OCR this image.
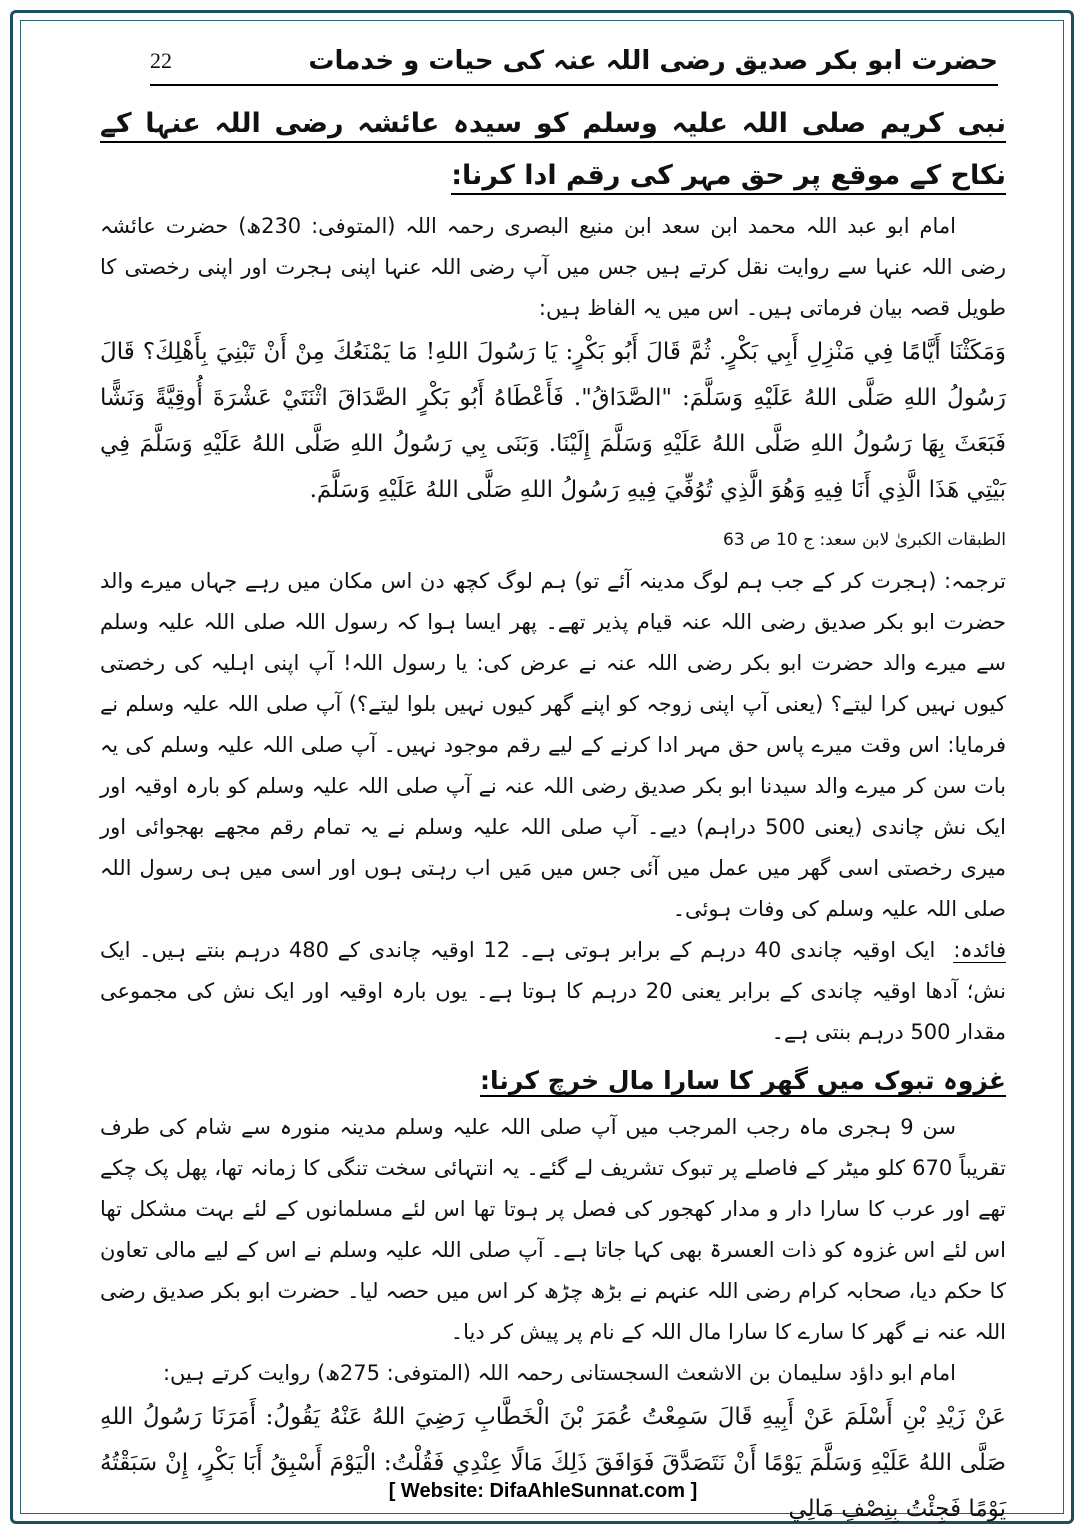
حضرت ابو بکر صدیق رضی اللہ عنہ کی حیات و خدمات
22
نبی کریم صلی اللہ علیہ وسلم کو سیدہ عائشہ رضی اللہ عنہا کے نکاح کے موقع پر حق مہر کی رقم ادا کرنا:

امام ابو عبد اللہ محمد ابن سعد ابن منیع البصری رحمہ اللہ (المتوفی: 230ھ) حضرت عائشہ رضی اللہ عنہا سے روایت نقل کرتے ہیں جس میں آپ رضی اللہ عنہا اپنی ہجرت اور اپنی رخصتی کا طویل قصہ بیان فرماتی ہیں۔ اس میں یہ الفاظ ہیں:

وَمَكَثْنَا أَيَّامًا فِي مَنْزِلِ أَبِي بَكْرٍ. ثُمَّ قَالَ أَبُو بَكْرٍ: يَا رَسُولَ اللهِ! مَا يَمْنَعُكَ مِنْ أَنْ تَبْنِيَ بِأَهْلِكَ؟ قَالَ رَسُولُ اللهِ صَلَّى اللهُ عَلَيْهِ وَسَلَّمَ: "الصَّدَاقُ". فَأَعْطَاهُ أَبُو بَكْرٍ الصَّدَاقَ اثْنَتَيْ عَشْرَةَ أُوقِيَّةً وَنَشًّا فَبَعَثَ بِهَا رَسُولُ اللهِ صَلَّى اللهُ عَلَيْهِ وَسَلَّمَ إِلَيْنَا. وَبَنَى بِي رَسُولُ اللهِ صَلَّى اللهُ عَلَيْهِ وَسَلَّمَ فِي بَيْتِي هَذَا الَّذِي أَنَا فِيهِ وَهُوَ الَّذِي تُوُفِّيَ فِيهِ رَسُولُ اللهِ صَلَّى اللهُ عَلَيْهِ وَسَلَّمَ.

الطبقات الکبریٰ لابن سعد: ج 10 ص 63

ترجمہ: (ہجرت کر کے جب ہم لوگ مدینہ آئے تو) ہم لوگ کچھ دن اس مکان میں رہے جہاں میرے والد حضرت ابو بکر صدیق رضی اللہ عنہ قیام پذیر تھے۔ پھر ایسا ہوا کہ رسول اللہ صلی اللہ علیہ وسلم سے میرے والد حضرت ابو بکر رضی اللہ عنہ نے عرض کی: یا رسول اللہ! آپ اپنی اہلیہ کی رخصتی کیوں نہیں کرا لیتے؟ (یعنی آپ اپنی زوجہ کو اپنے گھر کیوں نہیں بلوا لیتے؟) آپ صلی اللہ علیہ وسلم نے فرمایا: اس وقت میرے پاس حق مہر ادا کرنے کے لیے رقم موجود نہیں۔ آپ صلی اللہ علیہ وسلم کی یہ بات سن کر میرے والد سیدنا ابو بکر صدیق رضی اللہ عنہ نے آپ صلی اللہ علیہ وسلم کو بارہ اوقیہ اور ایک نش چاندی (یعنی 500 دراہم) دیے۔ آپ صلی اللہ علیہ وسلم نے یہ تمام رقم مجھے بھجوائی اور میری رخصتی اسی گھر میں عمل میں آئی جس میں مَیں اب رہتی ہوں اور اسی میں ہی رسول اللہ صلی اللہ علیہ وسلم کی وفات ہوئی۔

فائدہ:ایک اوقیہ چاندی 40 درہم کے برابر ہوتی ہے۔ 12 اوقیہ چاندی کے 480 درہم بنتے ہیں۔ ایک نش؛ آدھا اوقیہ چاندی کے برابر یعنی 20 درہم کا ہوتا ہے۔ یوں بارہ اوقیہ اور ایک نش کی مجموعی مقدار 500 درہم بنتی ہے۔

غزوہ تبوک میں گھر کا سارا مال خرچ کرنا:

سن 9 ہجری ماہ رجب المرجب میں آپ صلی اللہ علیہ وسلم مدینہ منورہ سے شام کی طرف تقریباً 670 کلو میٹر کے فاصلے پر تبوک تشریف لے گئے۔ یہ انتہائی سخت تنگی کا زمانہ تھا، پھل پک چکے تھے اور عرب کا سارا دار و مدار کھجور کی فصل پر ہوتا تھا اس لئے مسلمانوں کے لئے بہت مشکل تھا اس لئے اس غزوہ کو ذات العسرۃ بھی کہا جاتا ہے۔ آپ صلی اللہ علیہ وسلم نے اس کے لیے مالی تعاون کا حکم دیا، صحابہ کرام رضی اللہ عنہم نے بڑھ چڑھ کر اس میں حصہ لیا۔ حضرت ابو بکر صدیق رضی اللہ عنہ نے گھر کا سارے کا سارا مال اللہ کے نام پر پیش کر دیا۔

امام ابو داؤد سلیمان بن الاشعث السجستانی رحمہ اللہ (المتوفی: 275ھ) روایت کرتے ہیں:

عَنْ زَيْدِ بْنِ أَسْلَمَ عَنْ أَبِيهِ قَالَ سَمِعْتُ عُمَرَ بْنَ الْخَطَّابِ رَضِيَ اللهُ عَنْهُ يَقُولُ: أَمَرَنَا رَسُولُ اللهِ صَلَّى اللهُ عَلَيْهِ وَسَلَّمَ يَوْمًا أَنْ نَتَصَدَّقَ فَوَافَقَ ذَلِكَ مَالًا عِنْدِي فَقُلْتُ: الْيَوْمَ أَسْبِقُ أَبَا بَكْرٍ، إِنْ سَبَقْتُهُ يَوْمًا فَجِئْتُ بِنِصْفِ مَالِي

[ Website: DifaAhleSunnat.com ]
